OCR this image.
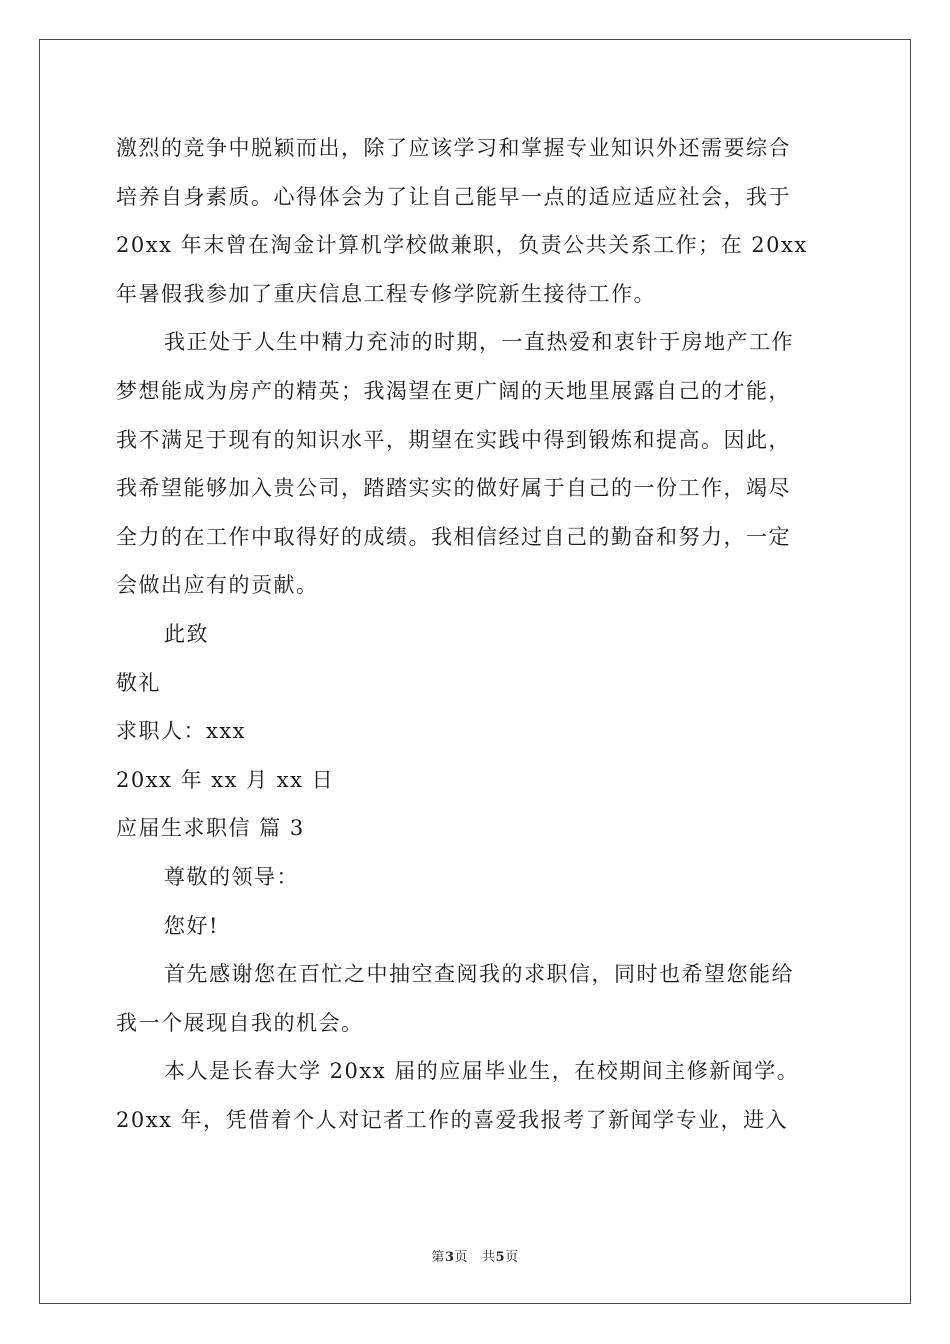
激烈的竞争中脱颖而出，除了应该学习和掌握专业知识外还需要综合
培养自身素质。心得体会为了让自己能早一点的适应适应社会，我于
20xx 年末曾在淘金计算机学校做兼职，负责公共关系工作；在 20xx
年暑假我参加了重庆信息工程专修学院新生接待工作。
我正处于人生中精力充沛的时期，一直热爱和衷针于房地产工作
梦想能成为房产的精英；我渴望在更广阔的天地里展露自己的才能，
我不满足于现有的知识水平，期望在实践中得到锻炼和提高。因此，
我希望能够加入贵公司，踏踏实实的做好属于自己的一份工作，竭尽
全力的在工作中取得好的成绩。我相信经过自己的勤奋和努力，一定
会做出应有的贡献。
此致
敬礼
求职人：xxx
20xx 年 xx 月 xx 日
应届生求职信 篇 3
尊敬的领导：
您好!
首先感谢您在百忙之中抽空查阅我的求职信，同时也希望您能给
我一个展现自我的机会。
本人是长春大学 20xx 届的应届毕业生，在校期间主修新闻学。
20xx 年，凭借着个人对记者工作的喜爱我报考了新闻学专业，进入
第3页 共5页
